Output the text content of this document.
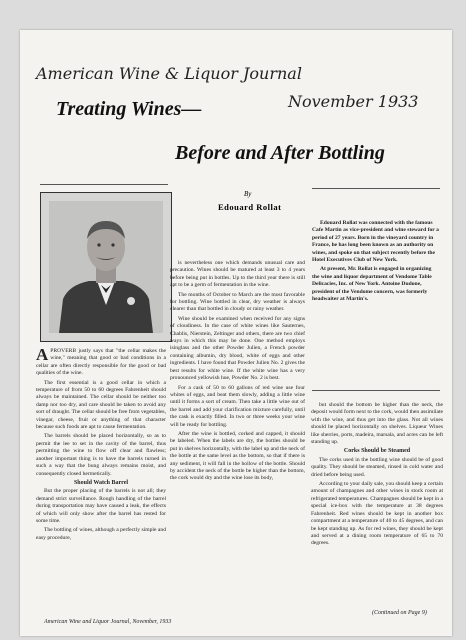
American Wine & Liquor Journal
November 1933
Treating Wines—
Before and After Bottling
By
Edouard Rollat

Edouard Rollat was connected with the famous Cafe Martin as vice-president and wine steward for a period of 27 years. Born in the vineyard country in France, he has long been known as an authority on wines, and spoke on that subject recently before the Hotel Executives Club of New York.

At present, Mr. Rollat is engaged in organizing the wine and liquor department of Vendome Table Delicacies, Inc. of New York. Antoine Dudone, president of the Vendome concern, was formerly headwaiter at Martin's.

APROVERB justly says that "the cellar makes the wine," meaning that good or bad conditions in a cellar are often directly responsible for the good or bad qualities of the wine.

The first essential is a good cellar in which a temperature of from 50 to 60 degrees Fahrenheit should always be maintained. The cellar should be neither too damp nor too dry, and care should be taken to avoid any sort of draught. The cellar should be free from vegetables, vinegar, cheese, fruit or anything of that character because such foods are apt to cause fermentation.

The barrels should be placed horizontally, so as to permit the lee to set in the cavity of the barrel, thus permitting the wine to flow off clear and flawless; another important thing is to have the barrels turned in such a way that the bung always remains moist, and consequently closed hermetically.

Should Watch Barrel

But the proper placing of the barrels is not all; they demand strict surveillance. Rough handling of the barrel during transportation may have caused a leak, the effects of which will only show after the barrel has rested for some time.

The bottling of wines, although a perfectly simple and easy procedure,

is nevertheless one which demands unusual care and precaution. Wines should be matured at least 3 to 4 years before being put in bottles. Up to the third year there is still apt to be a germ of fermentation in the wine.

The months of October to March are the most favorable for bottling. Wine bottled in clear, dry weather is always clearer than that bottled in cloudy or rainy weather.

Wine should be examined when received for any signs of cloudiness. In the case of white wines like Sauternes, Chablis, Nierstein, Zeltinger and others, there are two chief ways in which this may be done. One method employs isinglass and the other Powder Julien, a French powder containing albumin, dry blood, white of eggs and other ingredients. I have found that Powder Julien No. 2 gives the best results for white wine. If the white wine has a very pronounced yellowish hue, Powder No. 2 is best.

For a cask of 50 to 60 gallons of red wine use four whites of eggs, and beat them slowly, adding a little wine until it forms a sort of cream. Then take a little wine out of the barrel and add your clarification mixture carefully, until the cask is exactly filled. In two or three weeks your wine will be ready for bottling.

After the wine is bottled, corked and capped, it should be labeled. When the labels are dry, the bottles should be put in shelves horizontally, with the label up and the neck of the bottle at the same level as the bottom, so that if there is any sediment, it will fall in the hollow of the bottle. Should by accident the neck of the bottle be higher than the bottom, the cork would dry and the wine lose its body,

but should the bottom be higher than the neck, the deposit would form next to the cork, would then assimilate with the wine, and thus get into the glass. Not all wines should be placed horizontally on shelves. Liqueur Wines like sherries, ports, madeira, marsala, and acres can be left standing up.

Corks Should be Steamed

The corks used in the bottling wine should be of good quality. They should be steamed, rinsed in cold water and dried before being used.

According to your daily sale, you should keep a certain amount of champagnes and other wines in stock room at refrigerated temperatures. Champagnes should be kept in a special ice-box with the temperature at 38 degrees Fahrenheit. Red wines should be kept in another box compartment at a temperature of 40 to 45 degrees, and can be kept standing up. As for red wines, they should be kept and served at a dining room temperature of 65 to 70 degrees.

(Continued on Page 9)
American Wine and Liquor Journal, November, 1933
